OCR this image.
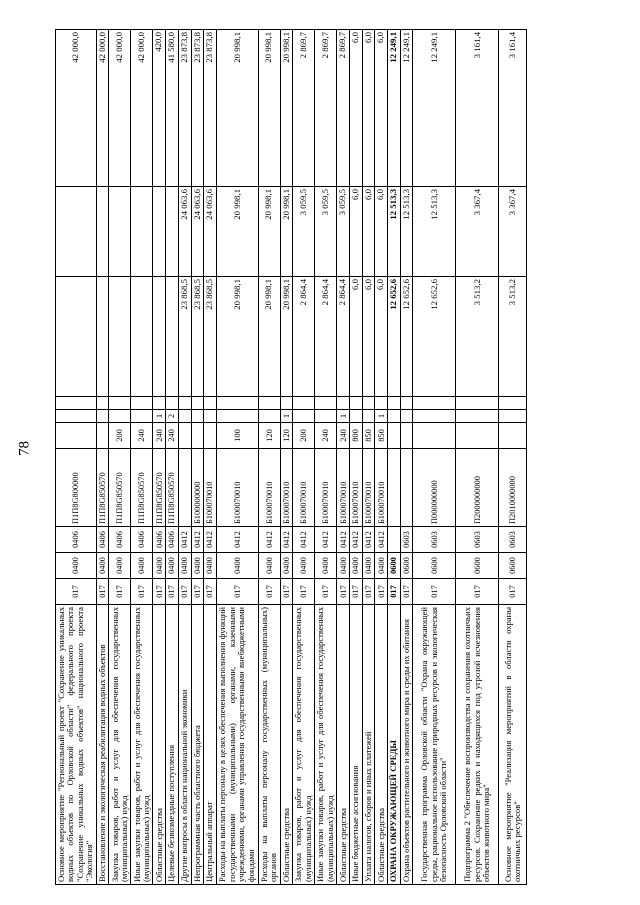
78
Основное мероприятие "Региональный проект "Сохранение уникальных водных объектов по Орловской области" федерального проекта "Сохранение уникальных водных объектов" национального проекта "Экология"	017	0400	0406	П1П8G800000						42 000,0
Восстановление и экологическая реабилитация водных объектов	017	0400	0406	П1П8G850570						42 000,0
Закупка товаров, работ и услуг для обеспечения государственных (муниципальных) нужд	017	0400	0406	П1П8G850570	200					42 000,0
Иные закупки товаров, работ и услуг для обеспечения государственных (муниципальных) нужд	017	0400	0406	П1П8G850570	240					42 000,0
Областные средства	017	0400	0406	П1П8G850570	240	1				420,0
Целевые безвозмездные поступления	017	0400	0406	П1П8G850570	240	2				41 580,0
Другие вопросы в области национальной экономики	017	0400	0412					23 868,5	24 063,6	23 873,8
Непрограммная часть областного бюджета	017	0400	0412	Б100000000				23 868,5	24 063,6	23 873,8
Центральный аппарат	017	0400	0412	Б100070010				23 868,5	24 063,6	23 873,8
Расходы на выплаты персоналу в целях обеспечения выполнения функций государственными (муниципальными) органами, казенными учреждениями, органами управления государственными внебюджетными фондами	017	0400	0412	Б100070010	100			20 998,1	20 998,1	20 998,1
Расходы на выплаты персоналу государственных (муниципальных) органов	017	0400	0412	Б100070010	120			20 998,1	20 998,1	20 998,1
Областные средства	017	0400	0412	Б100070010	120	1		20 998,1	20 998,1	20 998,1
Закупка товаров, работ и услуг для обеспечения государственных (муниципальных) нужд	017	0400	0412	Б100070010	200			2 864,4	3 059,5	2 869,7
Иные закупки товаров, работ и услуг для обеспечения государственных (муниципальных) нужд	017	0400	0412	Б100070010	240			2 864,4	3 059,5	2 869,7
Областные средства	017	0400	0412	Б100070010	240	1		2 864,4	3 059,5	2 869,7
Иные бюджетные ассигнования	017	0400	0412	Б100070010	800			6,0	6,0	6,0
Уплата налогов, сборов и иных платежей	017	0400	0412	Б100070010	850			6,0	6,0	6,0
Областные средства	017	0400	0412	Б100070010	850	1		6,0	6,0	6,0
ОХРАНА ОКРУЖАЮЩЕЙ СРЕДЫ	017	0600						12 652,6	12 513,3	12 249,1
Охрана объектов растительного и животного мира и среды их обитания	017	0600	0603					12 652,6	12 513,3	12 249,1
Государственная программа Орловской области "Охрана окружающей среды, рациональное использование природных ресурсов и экологическая безопасность Орловской области"	017	0600	0603	П000000000				12 652,6	12 513,3	12 249,1
Подпрограмма 2 "Обеспечение воспроизводства и сохранения охотничьих ресурсов. Сохранение редких и находящихся под угрозой исчезновения объектов животного мира"	017	0600	0603	П2000000000				3 513,2	3 367,4	3 161,4
Основное мероприятие "Реализация мероприятий в области охраны охотничьих ресурсов"	017	0600	0603	П2010000000				3 513,2	3 367,4	3 161,4
